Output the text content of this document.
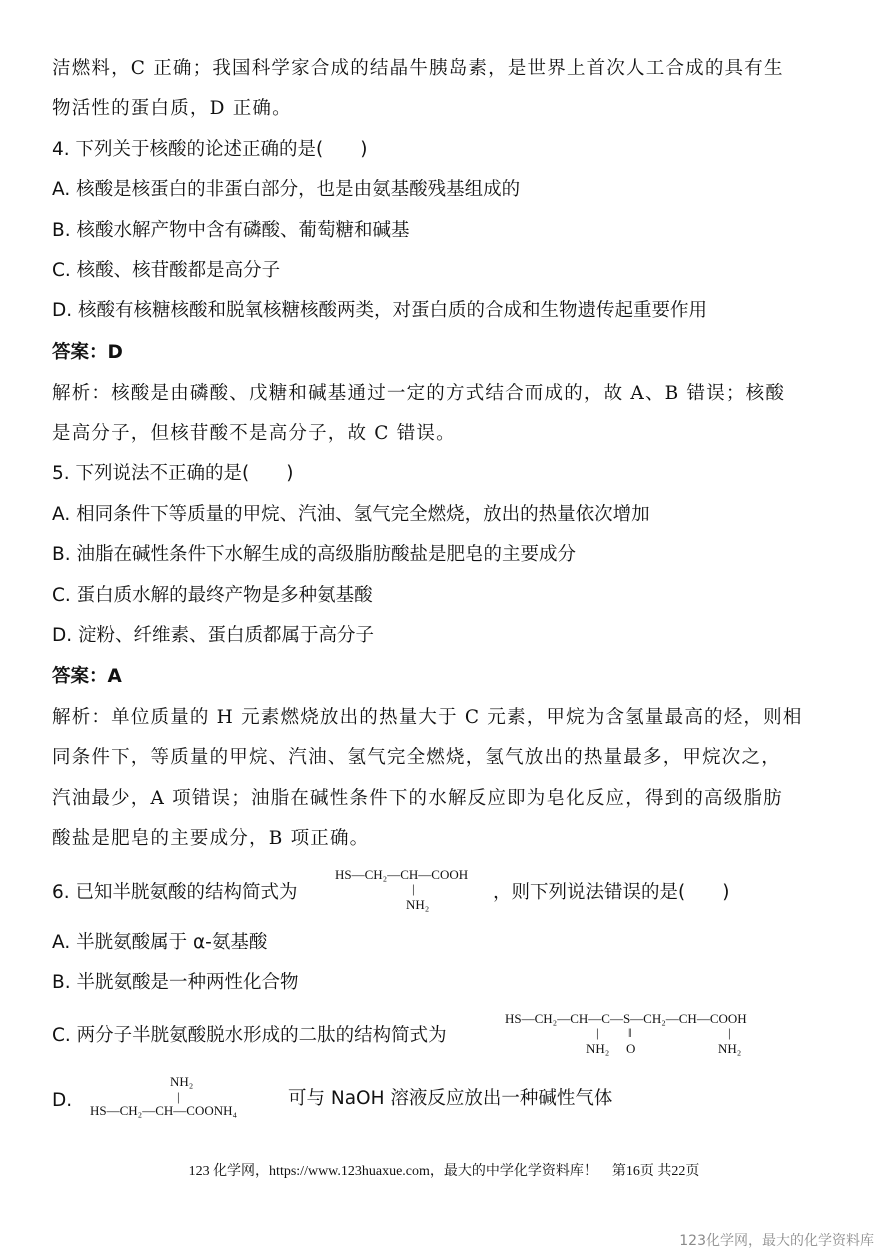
洁燃料，C 正确；我国科学家合成的结晶牛胰岛素，是世界上首次人工合成的具有生
物活性的蛋白质，D 正确。
4. 下列关于核酸的论述正确的是(　　)
A. 核酸是核蛋白的非蛋白部分，也是由氨基酸残基组成的
B. 核酸水解产物中含有磷酸、葡萄糖和碱基
C. 核酸、核苷酸都是高分子
D. 核酸有核糖核酸和脱氧核糖核酸两类，对蛋白质的合成和生物遗传起重要作用
答案：D
解析：核酸是由磷酸、戊糖和碱基通过一定的方式结合而成的，故 A、B 错误；核酸
是高分子，但核苷酸不是高分子，故 C 错误。
5. 下列说法不正确的是(　　)
A. 相同条件下等质量的甲烷、汽油、氢气完全燃烧，放出的热量依次增加
B. 油脂在碱性条件下水解生成的高级脂肪酸盐是肥皂的主要成分
C. 蛋白质水解的最终产物是多种氨基酸
D. 淀粉、纤维素、蛋白质都属于高分子
答案：A
解析：单位质量的 H 元素燃烧放出的热量大于 C 元素，甲烷为含氢量最高的烃，则相
同条件下，等质量的甲烷、汽油、氢气完全燃烧，氢气放出的热量最多，甲烷次之，
汽油最少，A 项错误；油脂在碱性条件下的水解反应即为皂化反应，得到的高级脂肪
酸盐是肥皂的主要成分，B 项正确。
6. 已知半胱氨酸的结构简式为
HS—CH₂—CH—COOH
|
NH₂
，则下列说法错误的是(　　)
A. 半胱氨酸属于 α-氨基酸
B. 半胱氨酸是一种两性化合物
C. 两分子半胱氨酸脱水形成的二肽的结构简式为
HS—CH₂—CH—C—S—CH₂—CH—COOH
| ‖	|
NH₂ O	NH₂
D.
NH₂
|
HS—CH₂—CH—COONH₄
可与 NaOH 溶液反应放出一种碱性气体
123 化学网，https://www.123huaxue.com，最大的中学化学资料库！　第16页 共22页
123化学网，最大的化学资料库
